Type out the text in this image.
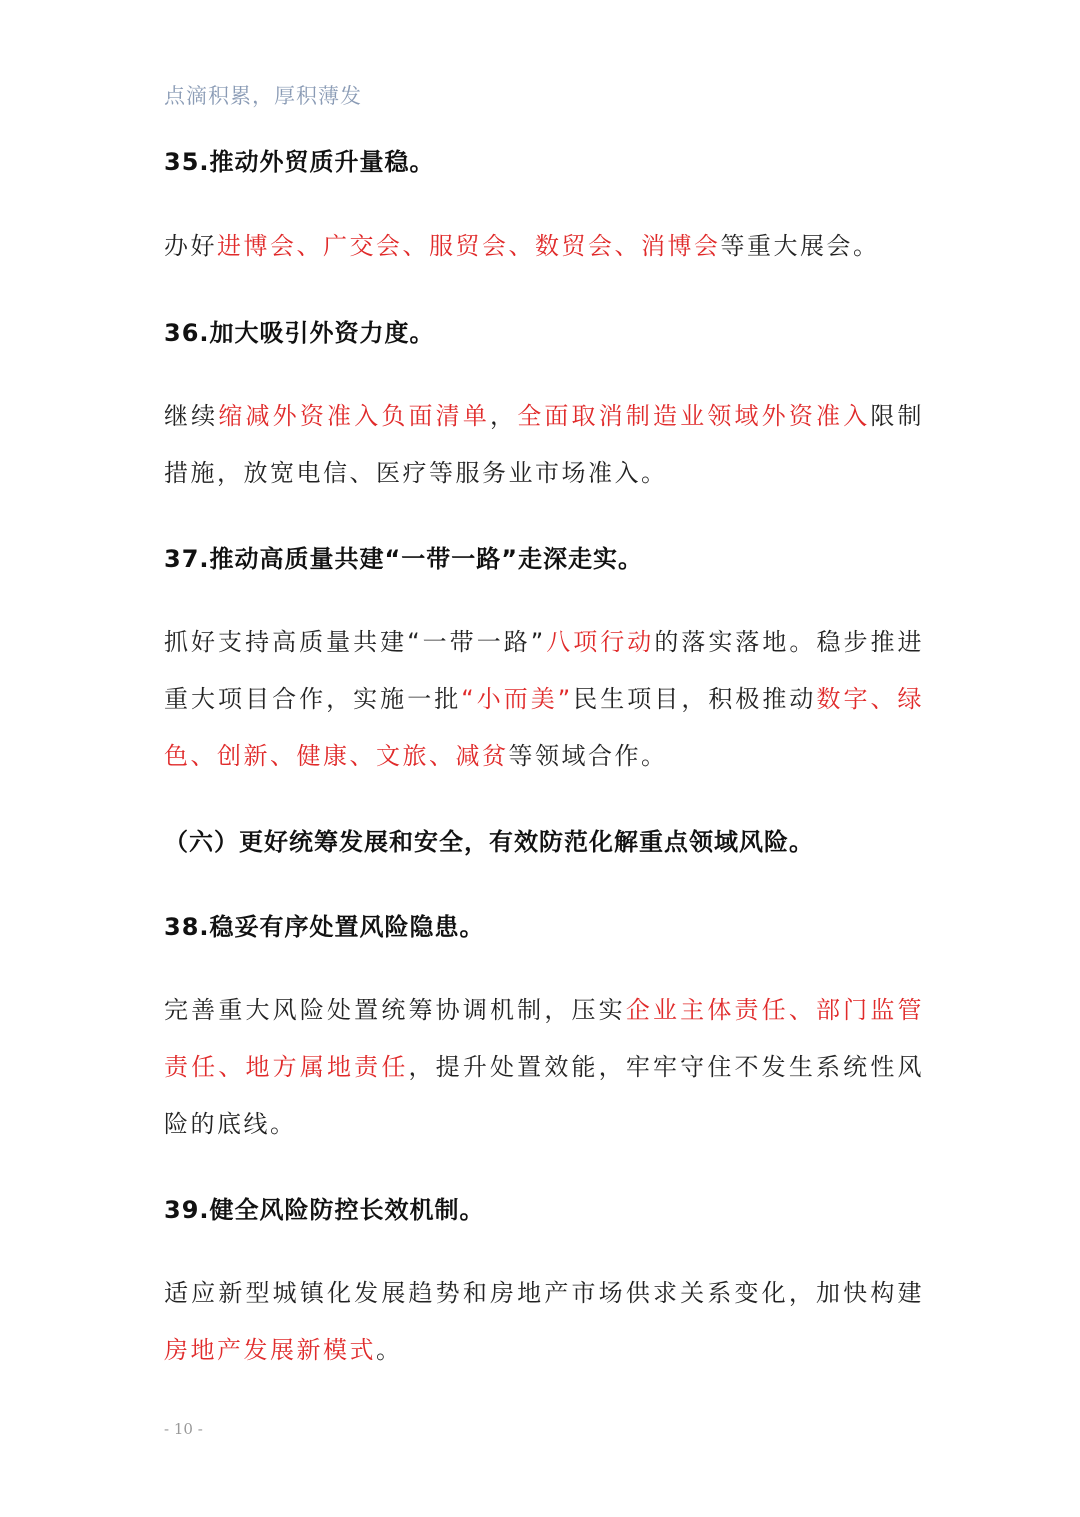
点滴积累，厚积薄发
35.推动外贸质升量稳。
办好进博会、广交会、服贸会、数贸会、消博会等重大展会。
36.加大吸引外资力度。
继续缩减外资准入负面清单，全面取消制造业领域外资准入限制措施，放宽电信、医疗等服务业市场准入。
37.推动高质量共建“一带一路”走深走实。
抓好支持高质量共建“一带一路”八项行动的落实落地。稳步推进重大项目合作，实施一批“小而美”民生项目，积极推动数字、绿色、创新、健康、文旅、减贫等领域合作。
（六）更好统筹发展和安全，有效防范化解重点领域风险。
38.稳妥有序处置风险隐患。
完善重大风险处置统筹协调机制，压实企业主体责任、部门监管责任、地方属地责任，提升处置效能，牢牢守住不发生系统性风险的底线。
39.健全风险防控长效机制。
适应新型城镇化发展趋势和房地产市场供求关系变化，加快构建房地产发展新模式。
- 10 -
